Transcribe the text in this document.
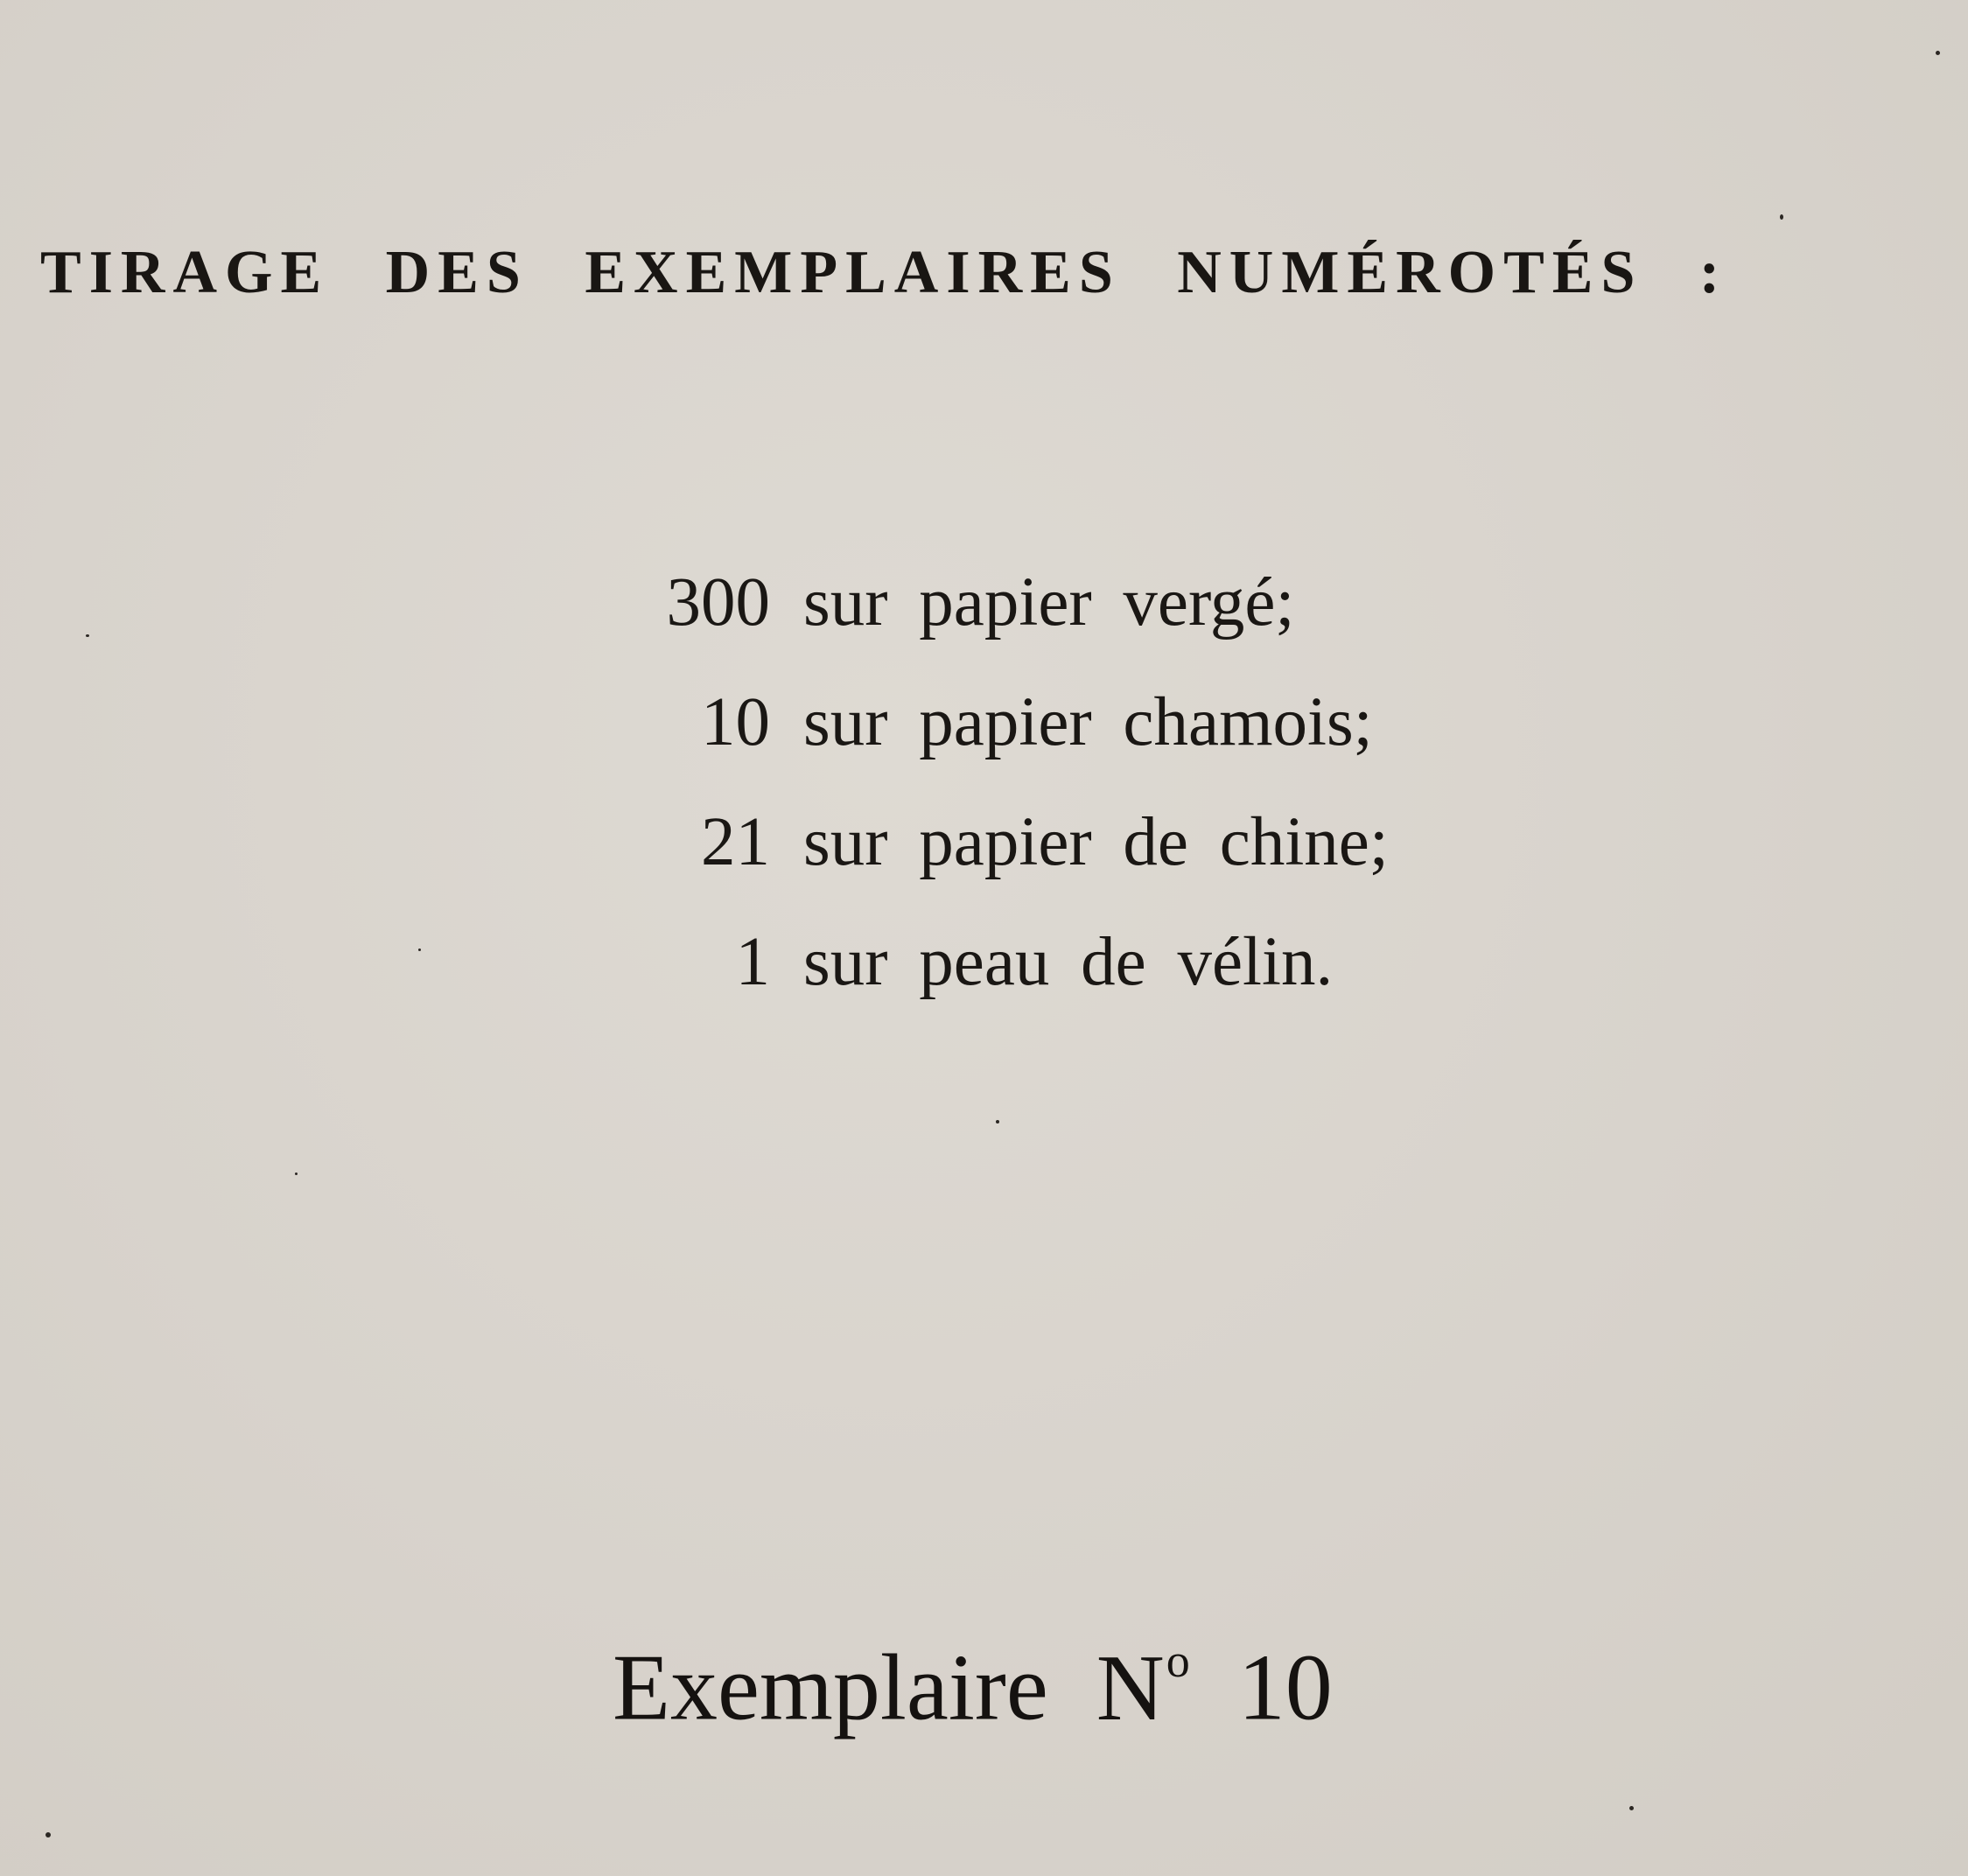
TIRAGE DES EXEMPLAIRES NUMÉROTÉS :
300 sur papier vergé;
10 sur papier chamois;
21 sur papier de chine;
1 sur peau de vélin.

Exemplaire $N^o$ 10
